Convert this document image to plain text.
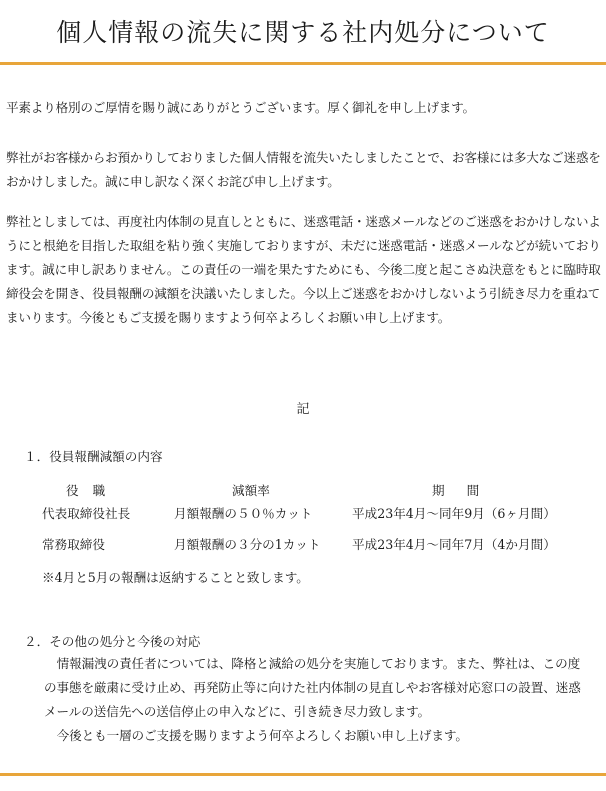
個人情報の流失に関する社内処分について
平素より格別のご厚情を賜り誠にありがとうございます。厚く御礼を申し上げます。
弊社がお客様からお預かりしておりました個人情報を流失いたしましたことで、お客様には多大なご迷惑をおかけしました。誠に申し訳なく深くお詫び申し上げます。
弊社としましては、再度社内体制の見直しとともに、迷惑電話・迷惑メールなどのご迷惑をおかけしないようにと根絶を目指した取組を粘り強く実施しておりますが、未だに迷惑電話・迷惑メールなどが続いております。誠に申し訳ありません。この責任の一端を果たすためにも、今後二度と起こさぬ決意をもとに臨時取締役会を開き、役員報酬の減額を決議いたしました。今以上ご迷惑をおかけしないよう引続き尽力を重ねてまいります。今後ともご支援を賜りますよう何卒よろしくお願い申し上げます。
記
１．役員報酬減額の内容
役職	減額率	期間
代表取締役社長	月額報酬の５０％カット	平成23年4月〜同年9月（6ヶ月間）
常務取締役	月額報酬の３分の1カット	平成23年4月〜同年7月（4か月間）
※4月と5月の報酬は返納することと致します。
２．その他の処分と今後の対応

情報漏洩の責任者については、降格と減給の処分を実施しております。また、弊社は、この度の事態を厳粛に受け止め、再発防止等に向けた社内体制の見直しやお客様対応窓口の設置、迷惑メールの送信先への送信停止の申入などに、引き続き尽力致します。

今後とも一層のご支援を賜りますよう何卒よろしくお願い申し上げます。
